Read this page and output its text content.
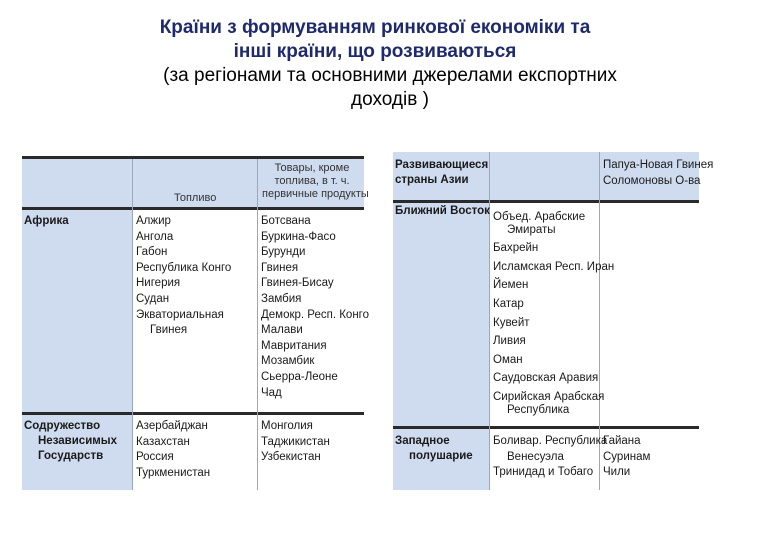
Країни з формуванням ринкової економіки та
інші країни, що розвиваються
(за регіонами та основними джерелами експортних
доходів )
Топливо
Товары, кроме
топлива, в т. ч.
первичные продукты
Африка	Алжир
Ангола
Габон
Республика Конго
Нигерия
Судан
Экваториальная
Гвинея
Ботсвана
Буркина-Фасо
Бурунди
Гвинея
Гвинея-Бисау
Замбия
Демокр. Респ. Конго
Малави
Мавритания
Мозамбик
Сьерра-Леоне
Чад
Содружество
Независимых
Государств
Азербайджан
Казахстан
Россия
Туркменистан
Монголия
Таджикистан
Узбекистан
Развивающиеся
страны Азии
Папуа-Новая Гвинея
Соломоновы О-ва
Ближний Восток Объед. Арабские
Эмираты
Бахрейн
Исламская Респ. Иран
Йемен
Катар
Кувейт
Ливия
Оман
Саудовская Аравия
Сирийская Арабская
Республика
Западное
полушарие
Боливар. Республика
Венесуэла
Тринидад и Тобаго
Гайана
Суринам
Чили
